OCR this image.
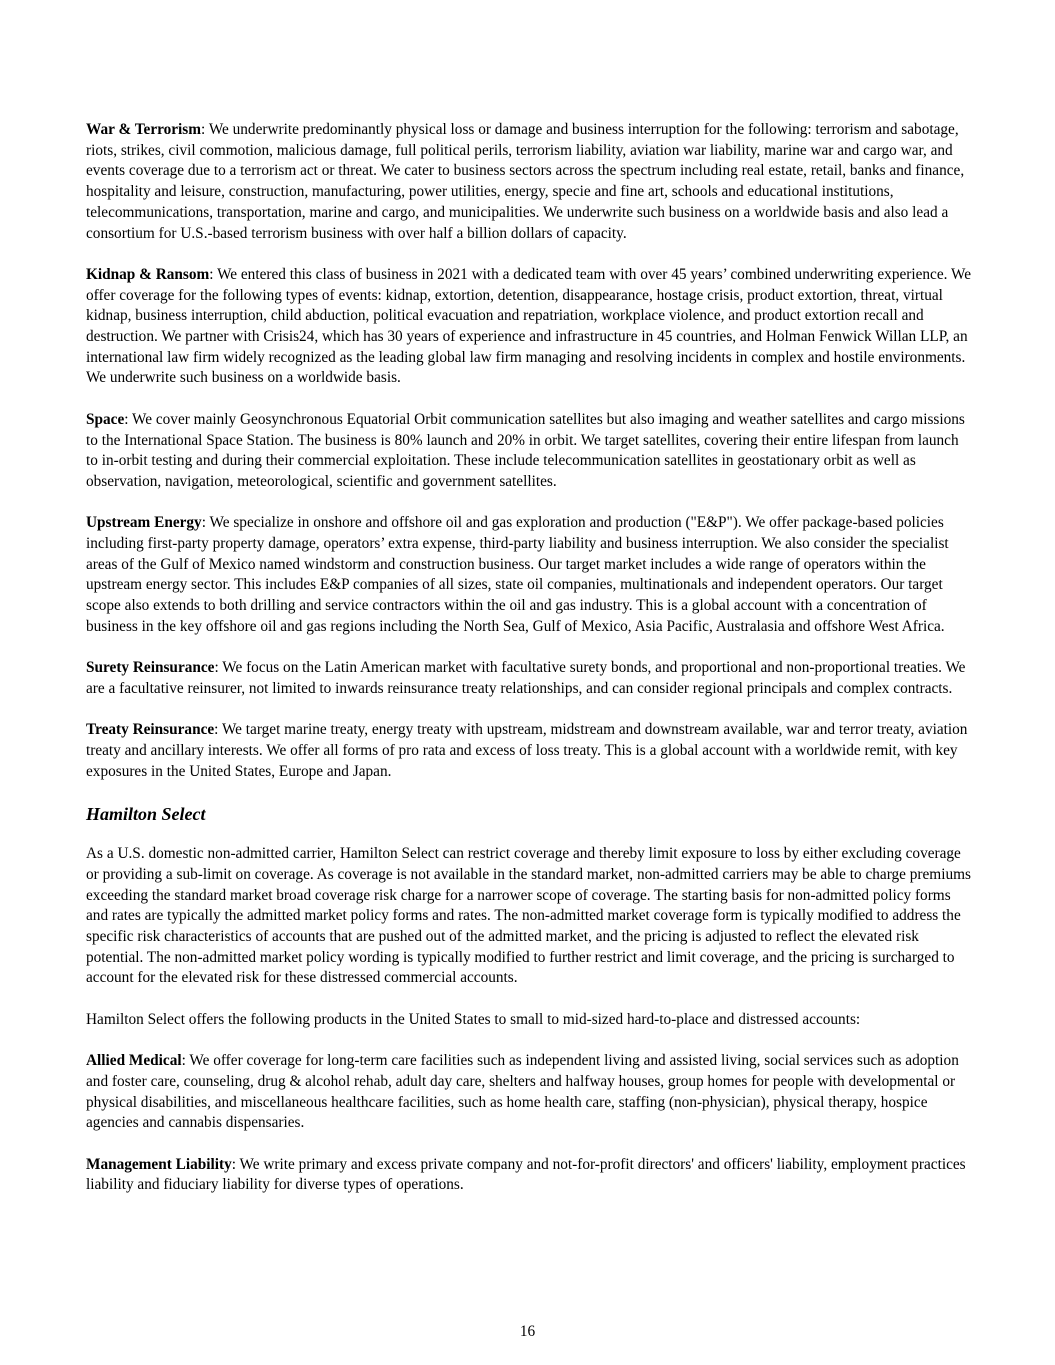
War & Terrorism: We underwrite predominantly physical loss or damage and business interruption for the following: terrorism and sabotage, riots, strikes, civil commotion, malicious damage, full political perils, terrorism liability, aviation war liability, marine war and cargo war, and events coverage due to a terrorism act or threat. We cater to business sectors across the spectrum including real estate, retail, banks and finance, hospitality and leisure, construction, manufacturing, power utilities, energy, specie and fine art, schools and educational institutions, telecommunications, transportation, marine and cargo, and municipalities. We underwrite such business on a worldwide basis and also lead a consortium for U.S.-based terrorism business with over half a billion dollars of capacity.

Kidnap & Ransom: We entered this class of business in 2021 with a dedicated team with over 45 years’ combined underwriting experience. We offer coverage for the following types of events: kidnap, extortion, detention, disappearance, hostage crisis, product extortion, threat, virtual kidnap, business interruption, child abduction, political evacuation and repatriation, workplace violence, and product extortion recall and destruction. We partner with Crisis24, which has 30 years of experience and infrastructure in 45 countries, and Holman Fenwick Willan LLP, an international law firm widely recognized as the leading global law firm managing and resolving incidents in complex and hostile environments. We underwrite such business on a worldwide basis.

Space: We cover mainly Geosynchronous Equatorial Orbit communication satellites but also imaging and weather satellites and cargo missions to the International Space Station. The business is 80% launch and 20% in orbit. We target satellites, covering their entire lifespan from launch to in-orbit testing and during their commercial exploitation. These include telecommunication satellites in geostationary orbit as well as observation, navigation, meteorological, scientific and government satellites.

Upstream Energy: We specialize in onshore and offshore oil and gas exploration and production ("E&P"). We offer package-based policies including first-party property damage, operators’ extra expense, third-party liability and business interruption. We also consider the specialist areas of the Gulf of Mexico named windstorm and construction business. Our target market includes a wide range of operators within the upstream energy sector. This includes E&P companies of all sizes, state oil companies, multinationals and independent operators. Our target scope also extends to both drilling and service contractors within the oil and gas industry. This is a global account with a concentration of business in the key offshore oil and gas regions including the North Sea, Gulf of Mexico, Asia Pacific, Australasia and offshore West Africa.

Surety Reinsurance: We focus on the Latin American market with facultative surety bonds, and proportional and non-proportional treaties. We are a facultative reinsurer, not limited to inwards reinsurance treaty relationships, and can consider regional principals and complex contracts.

Treaty Reinsurance: We target marine treaty, energy treaty with upstream, midstream and downstream available, war and terror treaty, aviation treaty and ancillary interests. We offer all forms of pro rata and excess of loss treaty. This is a global account with a worldwide remit, with key exposures in the United States, Europe and Japan.

Hamilton Select

As a U.S. domestic non-admitted carrier, Hamilton Select can restrict coverage and thereby limit exposure to loss by either excluding coverage or providing a sub-limit on coverage. As coverage is not available in the standard market, non-admitted carriers may be able to charge premiums exceeding the standard market broad coverage risk charge for a narrower scope of coverage. The starting basis for non-admitted policy forms and rates are typically the admitted market policy forms and rates. The non-admitted market coverage form is typically modified to address the specific risk characteristics of accounts that are pushed out of the admitted market, and the pricing is adjusted to reflect the elevated risk potential. The non-admitted market policy wording is typically modified to further restrict and limit coverage, and the pricing is surcharged to account for the elevated risk for these distressed commercial accounts.

Hamilton Select offers the following products in the United States to small to mid-sized hard-to-place and distressed accounts:

Allied Medical: We offer coverage for long-term care facilities such as independent living and assisted living, social services such as adoption and foster care, counseling, drug & alcohol rehab, adult day care, shelters and halfway houses, group homes for people with developmental or physical disabilities, and miscellaneous healthcare facilities, such as home health care, staffing (non-physician), physical therapy, hospice agencies and cannabis dispensaries.

Management Liability: We write primary and excess private company and not-for-profit directors' and officers' liability, employment practices liability and fiduciary liability for diverse types of operations.

16
